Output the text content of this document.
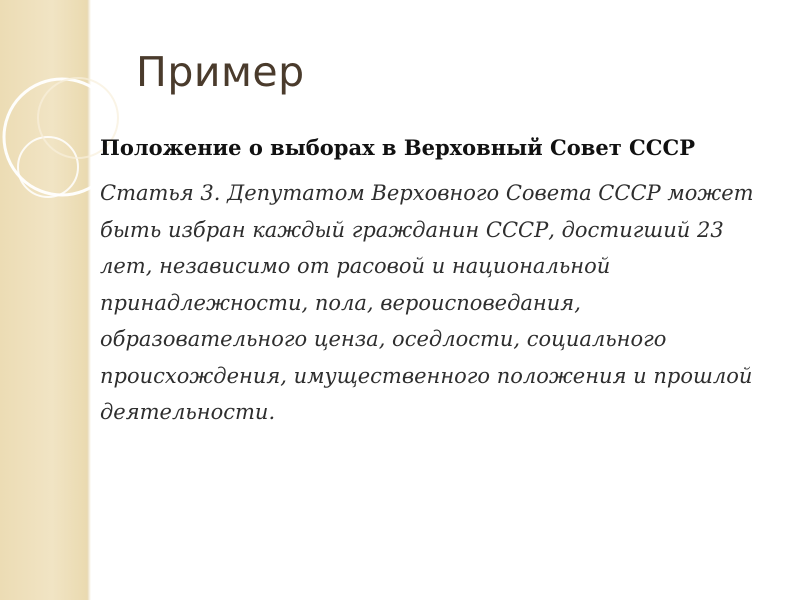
Пример

Положение о выборах в Верховный Совет СССР

Статья 3. Депутатом Верховного Совета СССР может быть избран каждый гражданин СССР, достигший 23 лет, независимо от расовой и национальной принадлежности, пола, вероисповедания, образовательного ценза, оседлости, социального происхождения, имущественного положения и прошлой деятельности.
